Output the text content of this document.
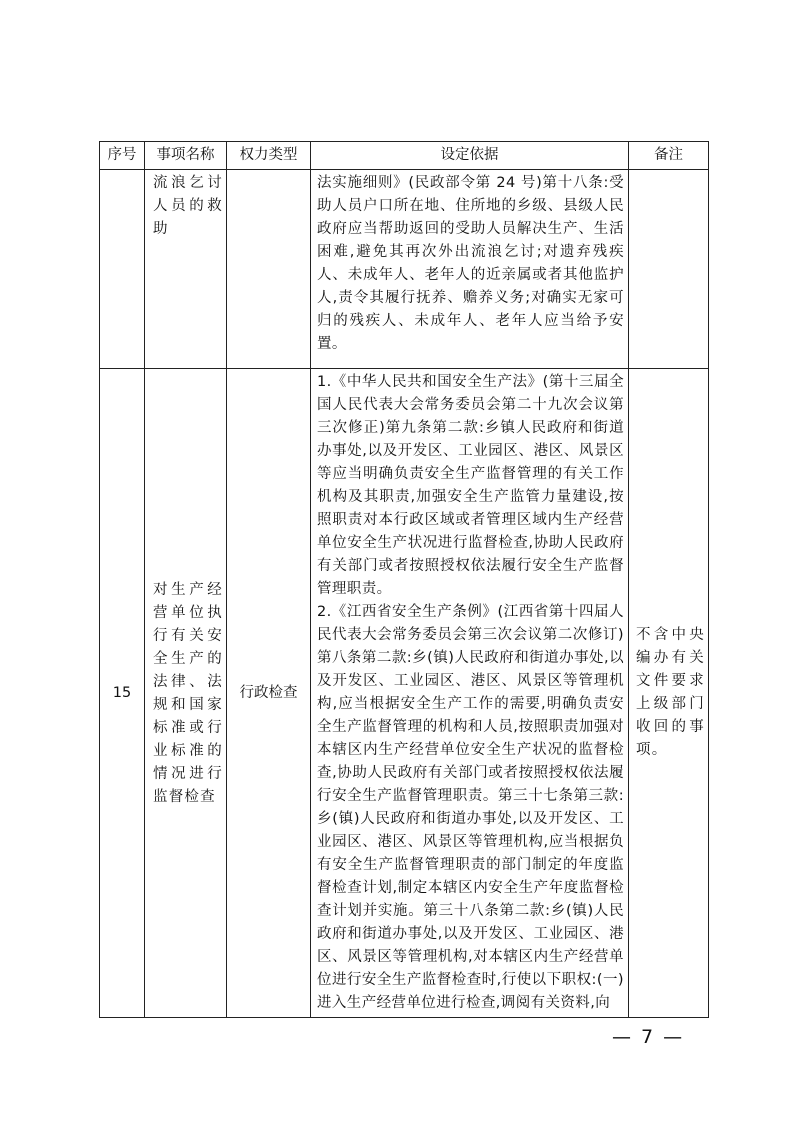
序号	事项名称	权力类型	设定依据	备注

	流浪乞讨人员的救助		法实施细则》(民政部令第 24 号)第十八条:受助人员户口所在地、住所地的乡级、县级人民政府应当帮助返回的受助人员解决生产、生活困难,避免其再次外出流浪乞讨;对遗弃残疾人、未成年人、老年人的近亲属或者其他监护人,责令其履行抚养、赡养义务;对确实无家可归的残疾人、未成年人、老年人应当给予安置。	

15	对生产经营单位执行有关安全生产的法律、法规和国家标准或行业标准的情况进行监督检查	行政检查	1.《中华人民共和国安全生产法》(第十三届全国人民代表大会常务委员会第二十九次会议第三次修正)第九条第二款:乡镇人民政府和街道办事处,以及开发区、工业园区、港区、风景区等应当明确负责安全生产监督管理的有关工作机构及其职责,加强安全生产监管力量建设,按照职责对本行政区域或者管理区域内生产经营单位安全生产状况进行监督检查,协助人民政府有关部门或者按照授权依法履行安全生产监督管理职责。
2.《江西省安全生产条例》(江西省第十四届人民代表大会常务委员会第三次会议第二次修订)第八条第二款:乡(镇)人民政府和街道办事处,以及开发区、工业园区、港区、风景区等管理机构,应当根据安全生产工作的需要,明确负责安全生产监督管理的机构和人员,按照职责加强对本辖区内生产经营单位安全生产状况的监督检查,协助人民政府有关部门或者按照授权依法履行安全生产监督管理职责。第三十七条第三款:乡(镇)人民政府和街道办事处,以及开发区、工业园区、港区、风景区等管理机构,应当根据负有安全生产监督管理职责的部门制定的年度监督检查计划,制定本辖区内安全生产年度监督检查计划并实施。第三十八条第二款:乡(镇)人民政府和街道办事处,以及开发区、工业园区、港区、风景区等管理机构,对本辖区内生产经营单位进行安全生产监督检查时,行使以下职权:(一)进入生产经营单位进行检查,调阅有关资料,向	不含中央编办有关文件要求上级部门收回的事项。
— 7 —
